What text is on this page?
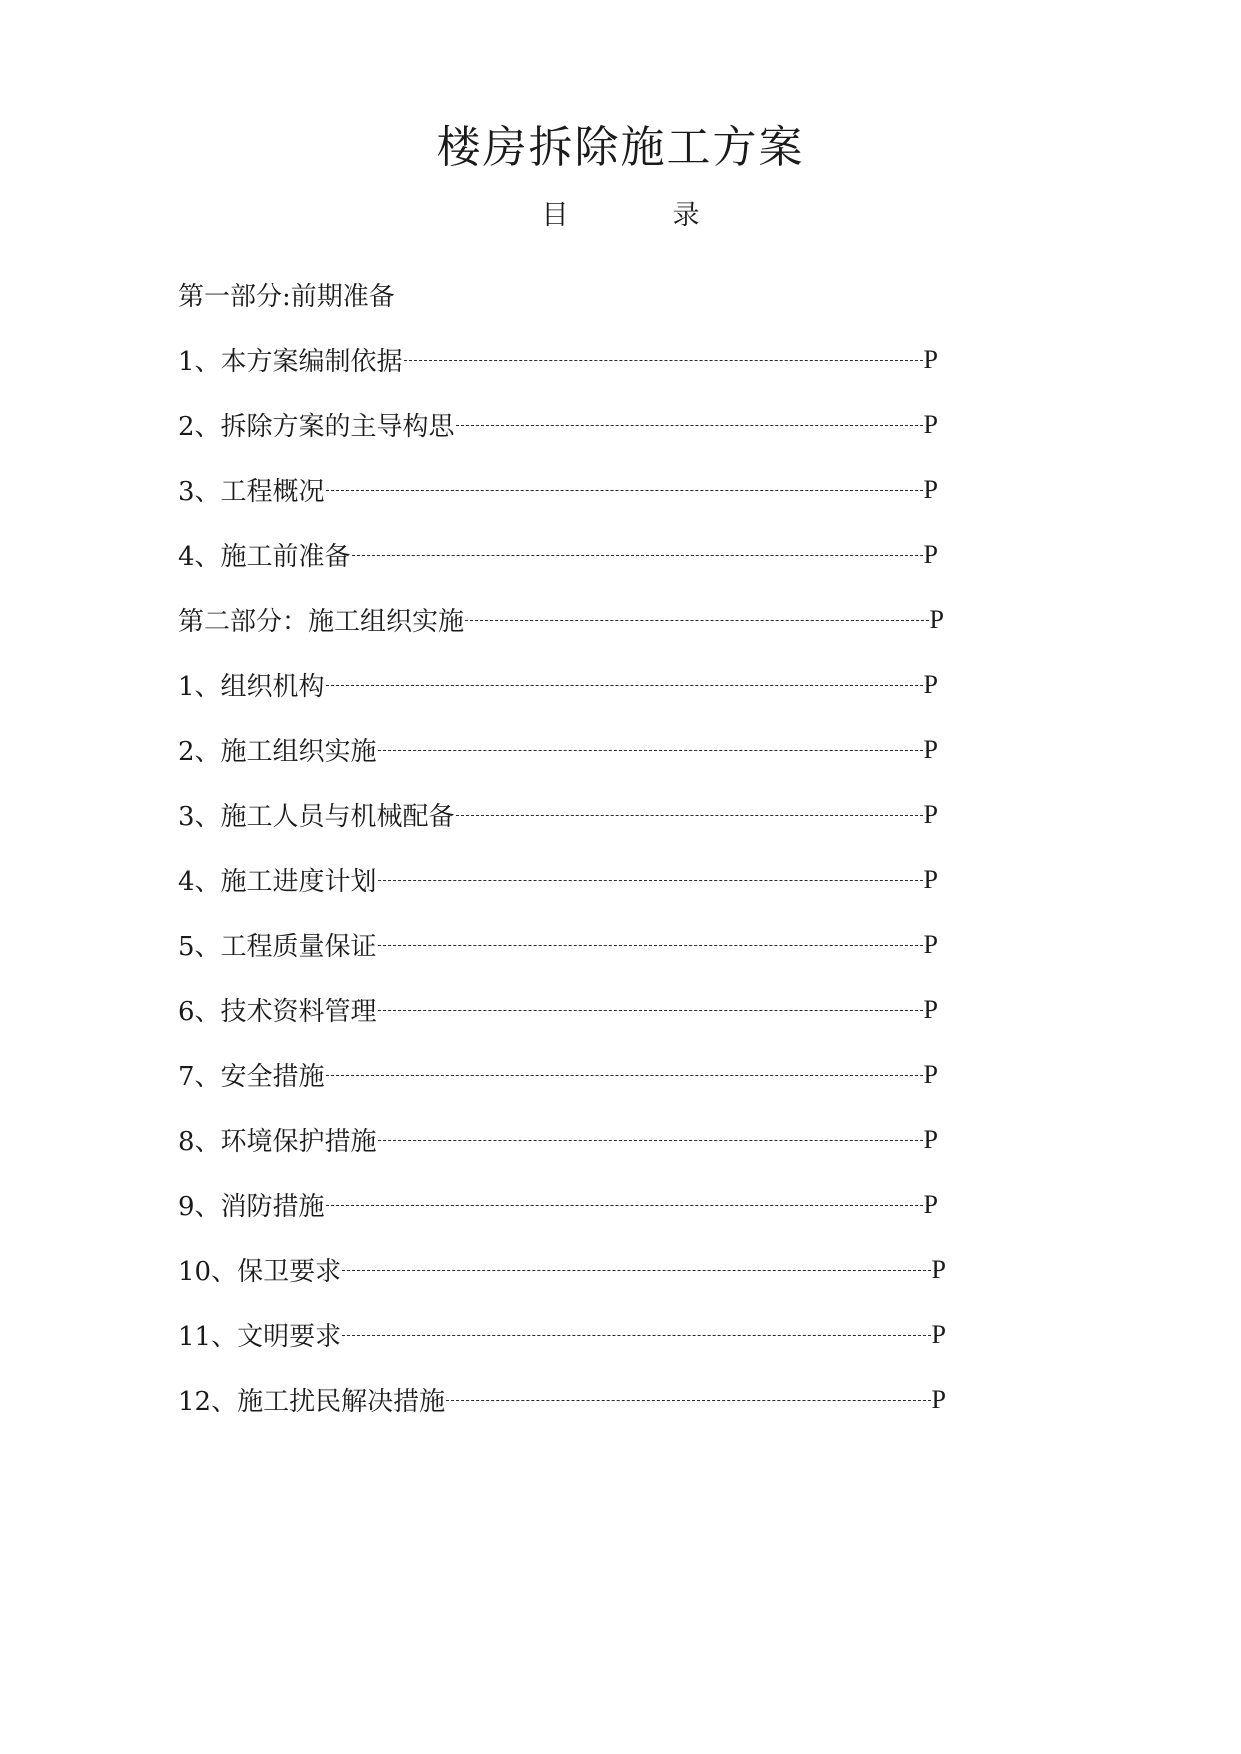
楼房拆除施工方案
目	录
第一部分:前期准备
1、本方案编制依据	P
2、拆除方案的主导构思	P
3、工程概况	P
4、施工前准备	P
第二部分：施工组织实施	P
1、组织机构	P
2、施工组织实施	P
3、施工人员与机械配备	P
4、施工进度计划	P
5、工程质量保证	P
6、技术资料管理	P
7、安全措施	P
8、环境保护措施	P
9、消防措施	P
10、保卫要求	P
11、文明要求	P
12、施工扰民解决措施	P
